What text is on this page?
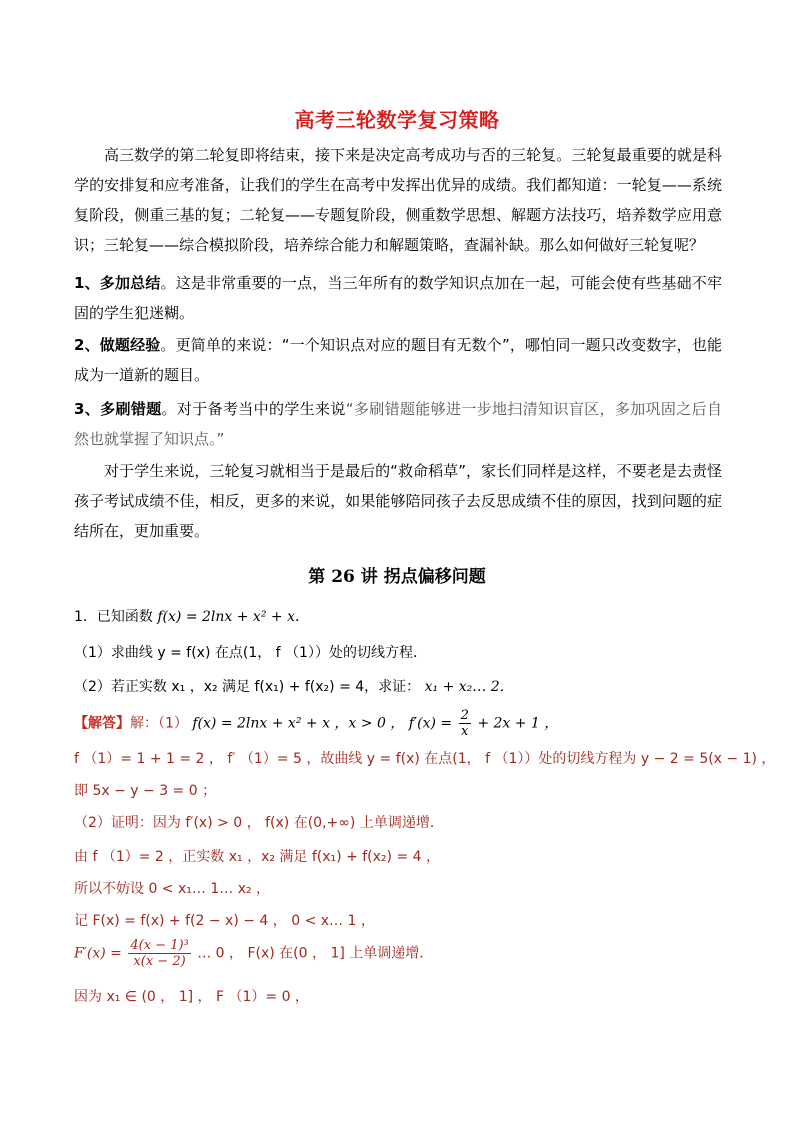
高考三轮数学复习策略
高三数学的第二轮复即将结束，接下来是决定高考成功与否的三轮复。三轮复最重要的就是科学的安排复和应考准备，让我们的学生在高考中发挥出优异的成绩。我们都知道：一轮复——系统复阶段，侧重三基的复；二轮复——专题复阶段，侧重数学思想、解题方法技巧，培养数学应用意识；三轮复——综合模拟阶段，培养综合能力和解题策略，查漏补缺。那么如何做好三轮复呢？
1、多加总结。这是非常重要的一点，当三年所有的数学知识点加在一起，可能会使有些基础不牢固的学生犯迷糊。
2、做题经验。更简单的来说：“一个知识点对应的题目有无数个”，哪怕同一题只改变数字，也能成为一道新的题目。
3、多刷错题。对于备考当中的学生来说“多刷错题能够进一步地扫清知识盲区，多加巩固之后自然也就掌握了知识点。”
对于学生来说，三轮复习就相当于是最后的“救命稻草”，家长们同样是这样，不要老是去责怪孩子考试成绩不佳，相反，更多的来说，如果能够陪同孩子去反思成绩不佳的原因，找到问题的症结所在，更加重要。
第 26 讲 拐点偏移问题
1．已知函数 f(x) = 2lnx + x² + x．
（1）求曲线 y = f(x) 在点(1， f （1））处的切线方程．
（2）若正实数 x₁ ，x₂ 满足 f(x₁) + f(x₂) = 4，求证： x₁ + x₂… 2．
【解答】解：（1） f(x) = 2lnx + x² + x ，x > 0 ， $f'(x) = \frac{2}{x} + 2x + 1$ ，
f （1）= 1 + 1 = 2 ， f′ （1）= 5 ，故曲线 y = f(x) 在点(1， f （1））处的切线方程为 y − 2 = 5(x − 1) ，
即 5x − y − 3 = 0 ；
（2）证明：因为 f′(x) > 0 ， f(x) 在(0,+∞) 上单调递增．
由 f （1）= 2 ，正实数 x₁ ，x₂ 满足 f(x₁) + f(x₂) = 4 ，
所以不妨设 0 < x₁… 1… x₂ ，
记 F(x) = f(x) + f(2 − x) − 4 ， 0 < x… 1 ，
$F'(x) = \frac{\text{4(x − 1)³}}{x(x - 2)}$ … 0 ， F(x) 在(0 ， 1] 上单调递增．
因为 x₁ ∈ (0 ， 1] ， F （1）= 0 ，
